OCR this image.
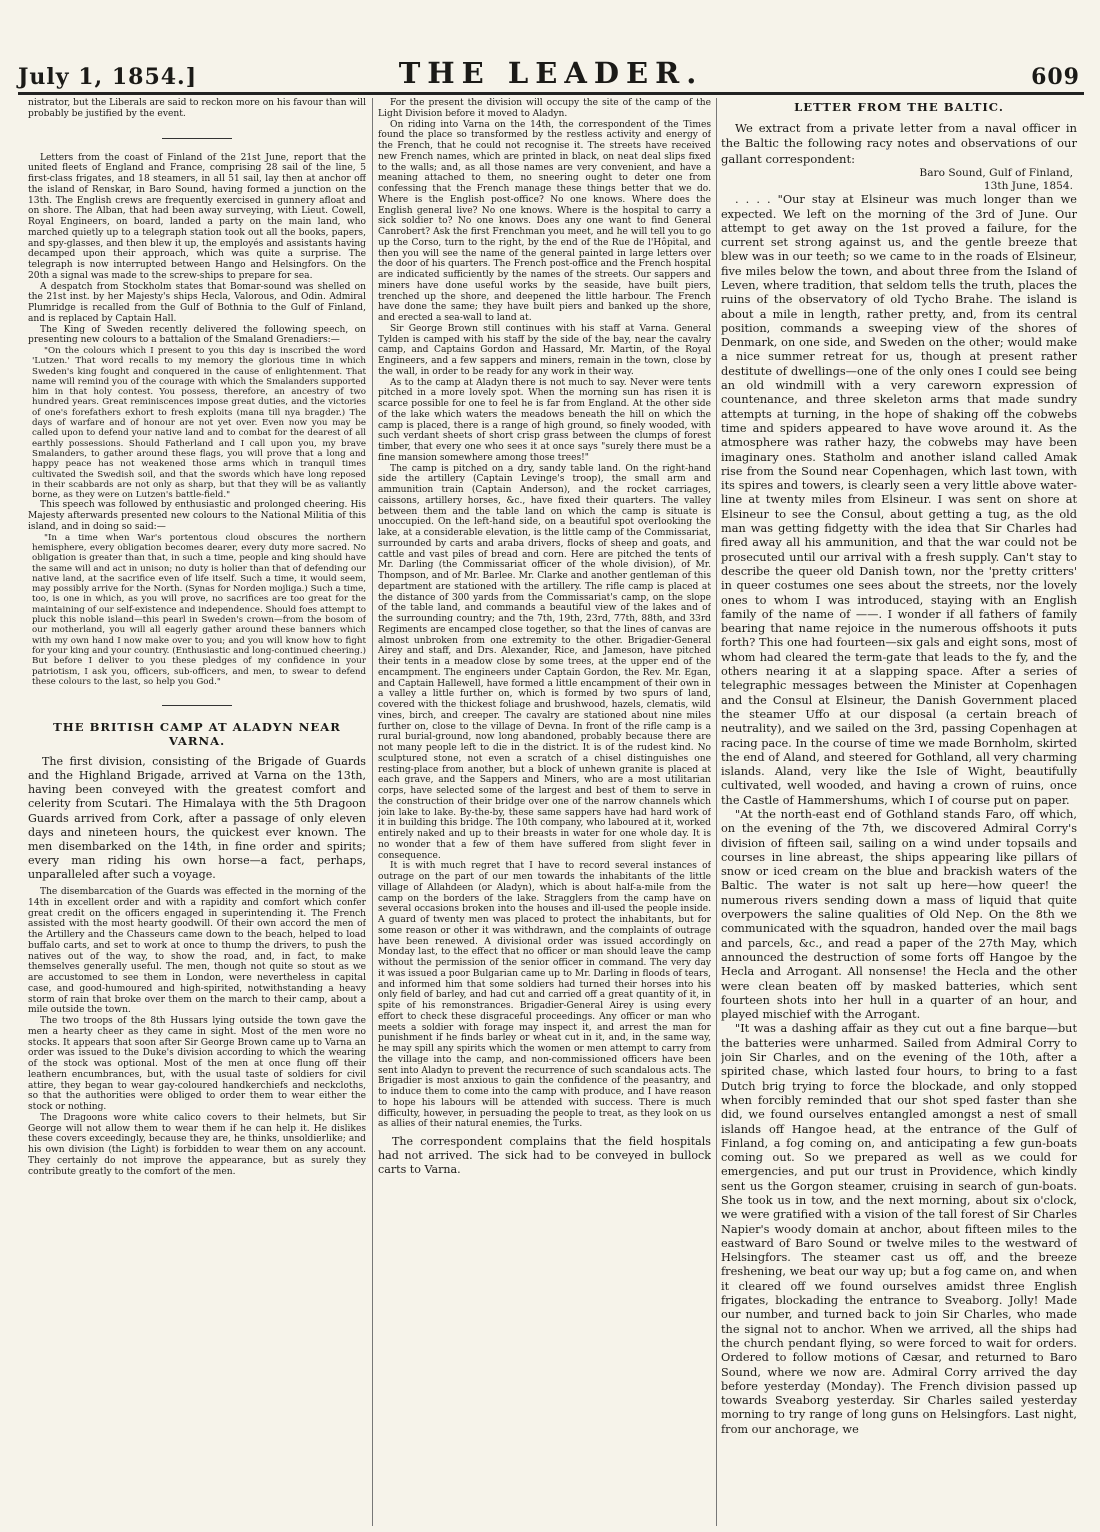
July 1, 1854.]	THE LEADER.	609

nistrator, but the Liberals are said to reckon more on his favour than will probably be justified by the event.

Letters from the coast of Finland of the 21st June, report that the united fleets of England and France, comprising 28 sail of the line, 5 first-class frigates, and 18 steamers, in all 51 sail, lay then at anchor off the island of Renskar, in Baro Sound, having formed a junction on the 13th. The English crews are frequently exercised in gunnery afloat and on shore. The Alban, that had been away surveying, with Lieut. Cowell, Royal Engineers, on board, landed a party on the main land, who marched quietly up to a telegraph station took out all the books, papers, and spy-glasses, and then blew it up, the employés and assistants having decamped upon their approach, which was quite a surprise. The telegraph is now interrupted between Hango and Helsingfors. On the 20th a signal was made to the screw-ships to prepare for sea.

A despatch from Stockholm states that Bomar-sound was shelled on the 21st inst. by her Majesty's ships Hecla, Valorous, and Odin. Admiral Plumridge is recalled from the Gulf of Bothnia to the Gulf of Finland, and is replaced by Captain Hall.

The King of Sweden recently delivered the following speech, on presenting new colours to a battalion of the Smaland Grenadiers:—

"On the colours which I present to you this day is inscribed the word 'Lutzen.' That word recalls to my memory the glorious time in which Sweden's king fought and conquered in the cause of enlightenment. That name will remind you of the courage with which the Smalanders supported him in that holy contest. You possess, therefore, an ancestry of two hundred years. Great reminiscences impose great duties, and the victories of one's forefathers exhort to fresh exploits (mana till nya bragder.) The days of warfare and of honour are not yet over. Even now you may be called upon to defend your native land and to combat for the dearest of all earthly possessions. Should Fatherland and I call upon you, my brave Smalanders, to gather around these flags, you will prove that a long and happy peace has not weakened those arms which in tranquil times cultivated the Swedish soil, and that the swords which have long reposed in their scabbards are not only as sharp, but that they will be as valiantly borne, as they were on Lutzen's battle-field."

This speech was followed by enthusiastic and prolonged cheering. His Majesty afterwards presented new colours to the National Militia of this island, and in doing so said:—

"In a time when War's portentous cloud obscures the northern hemisphere, every obligation becomes dearer, every duty more sacred. No obligation is greater than that, in such a time, people and king should have the same will and act in unison; no duty is holier than that of defending our native land, at the sacrifice even of life itself. Such a time, it would seem, may possibly arrive for the North. (Synas for Norden mojliga.) Such a time, too, is one in which, as you will prove, no sacrifices are too great for the maintaining of our self-existence and independence. Should foes attempt to pluck this noble island—this pearl in Sweden's crown—from the bosom of our motherland, you will all eagerly gather around these banners which with my own hand I now make over to you; and you will know how to fight for your king and your country. (Enthusiastic and long-continued cheering.) But before I deliver to you these pledges of my confidence in your patriotism, I ask you, officers, sub-officers, and men, to swear to defend these colours to the last, so help you God."

THE BRITISH CAMP AT ALADYN NEAR VARNA.

The first division, consisting of the Brigade of Guards and the Highland Brigade, arrived at Varna on the 13th, having been conveyed with the greatest comfort and celerity from Scutari. The Himalaya with the 5th Dragoon Guards arrived from Cork, after a passage of only eleven days and nineteen hours, the quickest ever known. The men disembarked on the 14th, in fine order and spirits; every man riding his own horse—a fact, perhaps, unparalleled after such a voyage.

The disembarcation of the Guards was effected in the morning of the 14th in excellent order and with a rapidity and comfort which confer great credit on the officers engaged in superintending it. The French assisted with the most hearty goodwill. Of their own accord the men of the Artillery and the Chasseurs came down to the beach, helped to load buffalo carts, and set to work at once to thump the drivers, to push the natives out of the way, to show the road, and, in fact, to make themselves generally useful. The men, though not quite so stout as we are accustomed to see them in London, were nevertheless in capital case, and good-humoured and high-spirited, notwithstanding a heavy storm of rain that broke over them on the march to their camp, about a mile outside the town.

The two troops of the 8th Hussars lying outside the town gave the men a hearty cheer as they came in sight. Most of the men wore no stocks. It appears that soon after Sir George Brown came up to Varna an order was issued to the Duke's division according to which the wearing of the stock was optional. Most of the men at once flung off their leathern encumbrances, but, with the usual taste of soldiers for civil attire, they began to wear gay-coloured handkerchiefs and neckcloths, so that the authorities were obliged to order them to wear either the stock or nothing.

The Dragoons wore white calico covers to their helmets, but Sir George will not allow them to wear them if he can help it. He dislikes these covers exceedingly, because they are, he thinks, unsoldierlike; and his own division (the Light) is forbidden to wear them on any account. They certainly do not improve the appearance, but as surely they contribute greatly to the comfort of the men.

For the present the division will occupy the site of the camp of the Light Division before it moved to Aladyn.

On riding into Varna on the 14th, the correspondent of the Times found the place so transformed by the restless activity and energy of the French, that he could not recognise it. The streets have received new French names, which are printed in black, on neat deal slips fixed to the walls; and, as all those names are very convenient, and have a meaning attached to them, no sneering ought to deter one from confessing that the French manage these things better that we do. Where is the English post-office? No one knows. Where does the English general live? No one knows. Where is the hospital to carry a sick soldier to? No one knows. Does any one want to find General Canrobert? Ask the first Frenchman you meet, and he will tell you to go up the Corso, turn to the right, by the end of the Rue de l'Hôpital, and then you will see the name of the general painted in large letters over the door of his quarters. The French post-office and the French hospital are indicated sufficiently by the names of the streets. Our sappers and miners have done useful works by the seaside, have built piers, trenched up the shore, and deepened the little harbour. The French have done the same; they have built piers and banked up the shore, and erected a sea-wall to land at.

Sir George Brown still continues with his staff at Varna. General Tylden is camped with his staff by the side of the bay, near the cavalry camp, and Captains Gordon and Hassard, Mr. Martin, of the Royal Engineers, and a few sappers and miners, remain in the town, close by the wall, in order to be ready for any work in their way.

As to the camp at Aladyn there is not much to say. Never were tents pitched in a more lovely spot. When the morning sun has risen it is scarce possible for one to feel he is far from England. At the other side of the lake which waters the meadows beneath the hill on which the camp is placed, there is a range of high ground, so finely wooded, with such verdant sheets of short crisp grass between the clumps of forest timber, that every one who sees it at once says "surely there must be a fine mansion somewhere among those trees!"

The camp is pitched on a dry, sandy table land. On the right-hand side the artillery (Captain Levinge's troop), the small arm and ammunition train (Captain Anderson), and the rocket carriages, caissons, artillery horses, &c., have fixed their quarters. The valley between them and the table land on which the camp is situate is unoccupied. On the left-hand side, on a beautiful spot overlooking the lake, at a considerable elevation, is the little camp of the Commissariat, surrounded by carts and araba drivers, flocks of sheep and goats, and cattle and vast piles of bread and corn. Here are pitched the tents of Mr. Darling (the Commissariat officer of the whole division), of Mr. Thompson, and of Mr. Barlee. Mr. Clarke and another gentleman of this department are stationed with the artillery. The rifle camp is placed at the distance of 300 yards from the Commissariat's camp, on the slope of the table land, and commands a beautiful view of the lakes and of the surrounding country; and the 7th, 19th, 23rd, 77th, 88th, and 33rd Regiments are encamped close together, so that the lines of canvas are almost unbroken from one extremity to the other. Brigadier-General Airey and staff, and Drs. Alexander, Rice, and Jameson, have pitched their tents in a meadow close by some trees, at the upper end of the encampment. The engineers under Captain Gordon, the Rev. Mr. Egan, and Captain Hallewell, have formed a little encampment of their own in a valley a little further on, which is formed by two spurs of land, covered with the thickest foliage and brushwood, hazels, clematis, wild vines, birch, and creeper. The cavalry are stationed about nine miles further on, close to the village of Devna. In front of the rifle camp is a rural burial-ground, now long abandoned, probably because there are not many people left to die in the district. It is of the rudest kind. No sculptured stone, not even a scratch of a chisel distinguishes one resting-place from another, but a block of unhewn granite is placed at each grave, and the Sappers and Miners, who are a most utilitarian corps, have selected some of the largest and best of them to serve in the construction of their bridge over one of the narrow channels which join lake to lake. By-the-by, these same sappers have had hard work of it in building this bridge. The 10th company, who laboured at it, worked entirely naked and up to their breasts in water for one whole day. It is no wonder that a few of them have suffered from slight fever in consequence.

It is with much regret that I have to record several instances of outrage on the part of our men towards the inhabitants of the little village of Allahdeen (or Aladyn), which is about half-a-mile from the camp on the borders of the lake. Stragglers from the camp have on several occasions broken into the houses and ill-used the people inside. A guard of twenty men was placed to protect the inhabitants, but for some reason or other it was withdrawn, and the complaints of outrage have been renewed. A divisional order was issued accordingly on Monday last, to the effect that no officer or man should leave the camp without the permission of the senior officer in command. The very day it was issued a poor Bulgarian came up to Mr. Darling in floods of tears, and informed him that some soldiers had turned their horses into his only field of barley, and had cut and carried off a great quantity of it, in spite of his remonstrances. Brigadier-General Airey is using every effort to check these disgraceful proceedings. Any officer or man who meets a soldier with forage may inspect it, and arrest the man for punishment if he finds barley or wheat cut in it, and, in the same way, he may spill any spirits which the women or men attempt to carry from the village into the camp, and non-commissioned officers have been sent into Aladyn to prevent the recurrence of such scandalous acts. The Brigadier is most anxious to gain the confidence of the peasantry, and to induce them to come into the camp with produce, and I have reason to hope his labours will be attended with success. There is much difficulty, however, in persuading the people to treat, as they look on us as allies of their natural enemies, the Turks.

The correspondent complains that the field hospitals had not arrived. The sick had to be conveyed in bullock carts to Varna.

LETTER FROM THE BALTIC.

We extract from a private letter from a naval officer in the Baltic the following racy notes and observations of our gallant correspondent:

Baro Sound, Gulf of Finland,
13th June, 1854.

. . . . "Our stay at Elsineur was much longer than we expected. We left on the morning of the 3rd of June. Our attempt to get away on the 1st proved a failure, for the current set strong against us, and the gentle breeze that blew was in our teeth; so we came to in the roads of Elsineur, five miles below the town, and about three from the Island of Leven, where tradition, that seldom tells the truth, places the ruins of the observatory of old Tycho Brahe. The island is about a mile in length, rather pretty, and, from its central position, commands a sweeping view of the shores of Denmark, on one side, and Sweden on the other; would make a nice summer retreat for us, though at present rather destitute of dwellings—one of the only ones I could see being an old windmill with a very careworn expression of countenance, and three skeleton arms that made sundry attempts at turning, in the hope of shaking off the cobwebs time and spiders appeared to have wove around it. As the atmosphere was rather hazy, the cobwebs may have been imaginary ones. Statholm and another island called Amak rise from the Sound near Copenhagen, which last town, with its spires and towers, is clearly seen a very little above water-line at twenty miles from Elsineur. I was sent on shore at Elsineur to see the Consul, about getting a tug, as the old man was getting fidgetty with the idea that Sir Charles had fired away all his ammunition, and that the war could not be prosecuted until our arrival with a fresh supply. Can't stay to describe the queer old Danish town, nor the 'pretty critters' in queer costumes one sees about the streets, nor the lovely ones to whom I was introduced, staying with an English family of the name of ——. I wonder if all fathers of family bearing that name rejoice in the numerous offshoots it puts forth? This one had fourteen—six gals and eight sons, most of whom had cleared the term-gate that leads to the fy, and the others nearing it at a slapping space. After a series of telegraphic messages between the Minister at Copenhagen and the Consul at Elsineur, the Danish Government placed the steamer Uffo at our disposal (a certain breach of neutrality), and we sailed on the 3rd, passing Copenhagen at racing pace. In the course of time we made Bornholm, skirted the end of Aland, and steered for Gothland, all very charming islands. Aland, very like the Isle of Wight, beautifully cultivated, well wooded, and having a crown of ruins, once the Castle of Hammershums, which I of course put on paper.

"At the north-east end of Gothland stands Faro, off which, on the evening of the 7th, we discovered Admiral Corry's division of fifteen sail, sailing on a wind under topsails and courses in line abreast, the ships appearing like pillars of snow or iced cream on the blue and brackish waters of the Baltic. The water is not salt up here—how queer! the numerous rivers sending down a mass of liquid that quite overpowers the saline qualities of Old Nep. On the 8th we communicated with the squadron, handed over the mail bags and parcels, &c., and read a paper of the 27th May, which announced the destruction of some forts off Hangoe by the Hecla and Arrogant. All nonsense! the Hecla and the other were clean beaten off by masked batteries, which sent fourteen shots into her hull in a quarter of an hour, and played mischief with the Arrogant.

"It was a dashing affair as they cut out a fine barque—but the batteries were unharmed. Sailed from Admiral Corry to join Sir Charles, and on the evening of the 10th, after a spirited chase, which lasted four hours, to bring to a fast Dutch brig trying to force the blockade, and only stopped when forcibly reminded that our shot sped faster than she did, we found ourselves entangled amongst a nest of small islands off Hangoe head, at the entrance of the Gulf of Finland, a fog coming on, and anticipating a few gun-boats coming out. So we prepared as well as we could for emergencies, and put our trust in Providence, which kindly sent us the Gorgon steamer, cruising in search of gun-boats. She took us in tow, and the next morning, about six o'clock, we were gratified with a vision of the tall forest of Sir Charles Napier's woody domain at anchor, about fifteen miles to the eastward of Baro Sound or twelve miles to the westward of Helsingfors. The steamer cast us off, and the breeze freshening, we beat our way up; but a fog came on, and when it cleared off we found ourselves amidst three English frigates, blockading the entrance to Sveaborg. Jolly! Made our number, and turned back to join Sir Charles, who made the signal not to anchor. When we arrived, all the ships had the church pendant flying, so were forced to wait for orders. Ordered to follow motions of Cæsar, and returned to Baro Sound, where we now are. Admiral Corry arrived the day before yesterday (Monday). The French division passed up towards Sveaborg yesterday. Sir Charles sailed yesterday morning to try range of long guns on Helsingfors. Last night, from our anchorage, we
